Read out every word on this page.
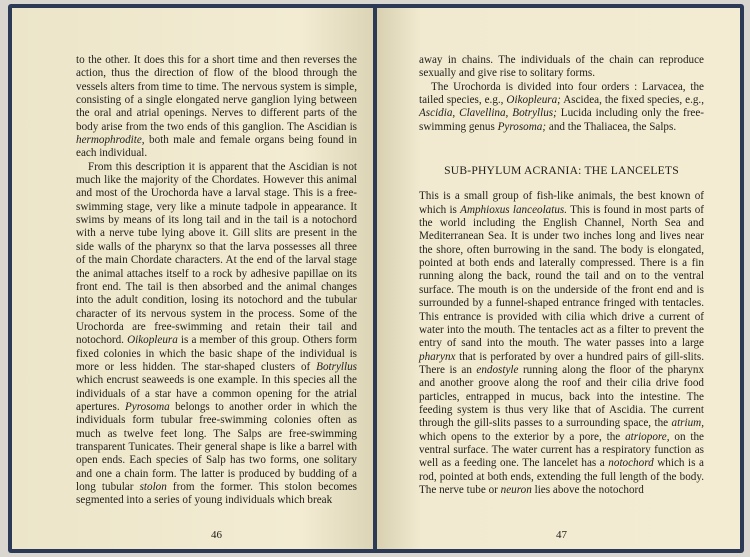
to the other. It does this for a short time and then reverses the action, thus the direction of flow of the blood through the vessels alters from time to time. The nervous system is simple, consisting of a single elongated nerve ganglion lying between the oral and atrial openings. Nerves to different parts of the body arise from the two ends of this ganglion. The Ascidian is hermophrodite, both male and female organs being found in each individual.

From this description it is apparent that the Ascidian is not much like the majority of the Chordates. However this animal and most of the Urochorda have a larval stage. This is a free-swimming stage, very like a minute tadpole in appearance. It swims by means of its long tail and in the tail is a notochord with a nerve tube lying above it. Gill slits are present in the side walls of the pharynx so that the larva possesses all three of the main Chordate characters. At the end of the larval stage the animal attaches itself to a rock by adhesive papillae on its front end. The tail is then absorbed and the animal changes into the adult condition, losing its notochord and the tubular character of its nervous system in the process. Some of the Urochorda are free-swimming and retain their tail and notochord. Oikopleura is a member of this group. Others form fixed colonies in which the basic shape of the individual is more or less hidden. The star-shaped clusters of Botryllus which encrust seaweeds is one example. In this species all the individuals of a star have a common opening for the atrial apertures. Pyrosoma belongs to another order in which the individuals form tubular free-swimming colonies often as much as twelve feet long. The Salps are free-swimming transparent Tunicates. Their general shape is like a barrel with open ends. Each species of Salp has two forms, one solitary and one a chain form. The latter is produced by budding of a long tubular stolon from the former. This stolon becomes segmented into a series of young individuals which break

46

away in chains. The individuals of the chain can reproduce sexually and give rise to solitary forms.

The Urochorda is divided into four orders : Larvacea, the tailed species, e.g., Oikopleura; Ascidea, the fixed species, e.g., Ascidia, Clavellina, Botryllus; Lucida including only the free-swimming genus Pyrosoma; and the Thaliacea, the Salps.

SUB-PHYLUM ACRANIA: THE LANCELETS

This is a small group of fish-like animals, the best known of which is Amphioxus lanceolatus. This is found in most parts of the world including the English Channel, North Sea and Mediterranean Sea. It is under two inches long and lives near the shore, often burrowing in the sand. The body is elongated, pointed at both ends and laterally compressed. There is a fin running along the back, round the tail and on to the ventral surface. The mouth is on the underside of the front end and is surrounded by a funnel-shaped entrance fringed with tentacles. This entrance is provided with cilia which drive a current of water into the mouth. The tentacles act as a filter to prevent the entry of sand into the mouth. The water passes into a large pharynx that is perforated by over a hundred pairs of gill-slits. There is an endostyle running along the floor of the pharynx and another groove along the roof and their cilia drive food particles, entrapped in mucus, back into the intestine. The feeding system is thus very like that of Ascidia. The current through the gill-slits passes to a surrounding space, the atrium, which opens to the exterior by a pore, the atriopore, on the ventral surface. The water current has a respiratory function as well as a feeding one. The lancelet has a notochord which is a rod, pointed at both ends, extending the full length of the body. The nerve tube or neuron lies above the notochord

47
